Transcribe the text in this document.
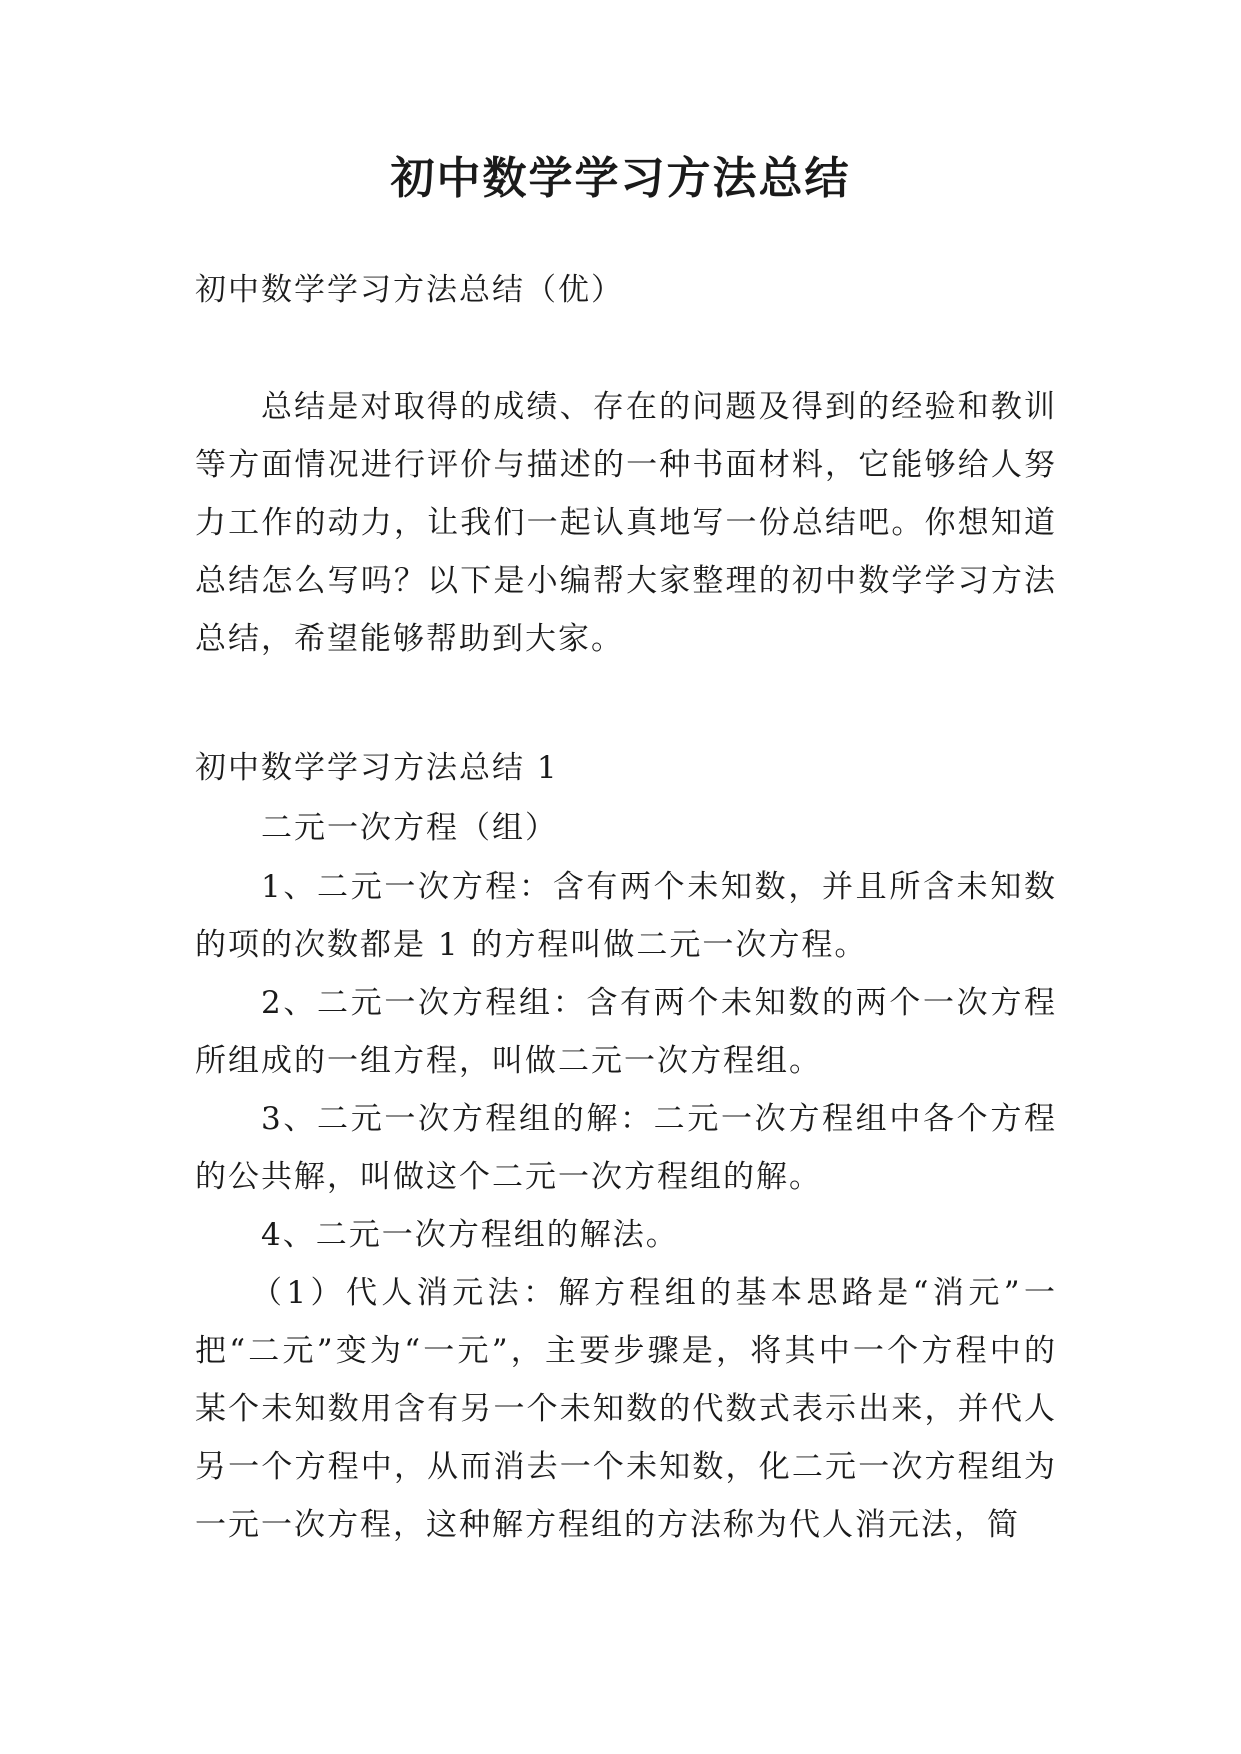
初中数学学习方法总结
初中数学学习方法总结（优）
总结是对取得的成绩、存在的问题及得到的经验和教训等方面情况进行评价与描述的一种书面材料，它能够给人努力工作的动力，让我们一起认真地写一份总结吧。你想知道总结怎么写吗？以下是小编帮大家整理的初中数学学习方法总结，希望能够帮助到大家。
初中数学学习方法总结 1
二元一次方程（组）
1、二元一次方程：含有两个未知数，并且所含未知数的项的次数都是 1 的方程叫做二元一次方程。
2、二元一次方程组：含有两个未知数的两个一次方程所组成的一组方程，叫做二元一次方程组。
3、二元一次方程组的解：二元一次方程组中各个方程的公共解，叫做这个二元一次方程组的解。
4、二元一次方程组的解法。
（1）代人消元法：解方程组的基本思路是“消元”一把“二元”变为“一元”，主要步骤是，将其中一个方程中的某个未知数用含有另一个未知数的代数式表示出来，并代人另一个方程中，从而消去一个未知数，化二元一次方程组为一元一次方程，这种解方程组的方法称为代人消元法，简
